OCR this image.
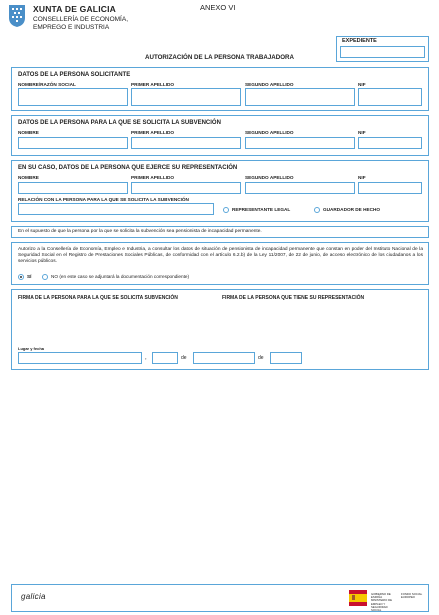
XUNTA DE GALICIA
CONSELLERÍA DE ECONOMÍA,
EMPREGO E INDUSTRIA
ANEXO VI
EXPEDIENTE
AUTORIZACIÓN DE LA PERSONA TRABAJADORA
DATOS DE LA PERSONA SOLICITANTE
NOMBRE/RAZÓN SOCIAL	PRIMER APELLIDO	SEGUNDO APELLIDO	NIF
DATOS DE LA PERSONA PARA LA QUE SE SOLICITA LA SUBVENCIÓN
NOMBRE	PRIMER APELLIDO	SEGUNDO APELLIDO	NIF
EN SU CASO, DATOS DE LA PERSONA QUE EJERCE SU REPRESENTACIÓN
NOMBRE	PRIMER APELLIDO	SEGUNDO APELLIDO	NIF
RELACIÓN CON LA PERSONA PARA LA QUE SE SOLICITA LA SUBVENCIÓN
REPRESENTANTE LEGAL	GUARDADOR DE HECHO
En el supuesto de que la persona por la que se solicita la subvención sea pensionista de incapacidad permanente.
Autorizo a la Consellería de Economía, Empleo e Industria, a consultar los datos de situación de pensionista de incapacidad permanente que constan en poder del Instituto Nacional de la Seguridad Social en el Registro de Prestaciones Sociales Públicas, de conformidad con el artículo 6.2.b) de la Ley 11/2007, de 22 de junio, de acceso electrónico de los ciudadanos a los servicios públicos.
SÍ	NO (en este caso se adjuntará la documentación correspondiente)
FIRMA DE LA PERSONA PARA LA QUE SE SOLICITA SUBVENCIÓN	FIRMA DE LA PERSONA QUE TIENE SU REPRESENTACIÓN
Lugar y fecha
,	de	de
galicia	GOBIERNO DE ESPAÑA MINISTERIO DE EMPLEO Y SEGURIDAD SOCIAL
FONDO SOCIAL EUROPEO
